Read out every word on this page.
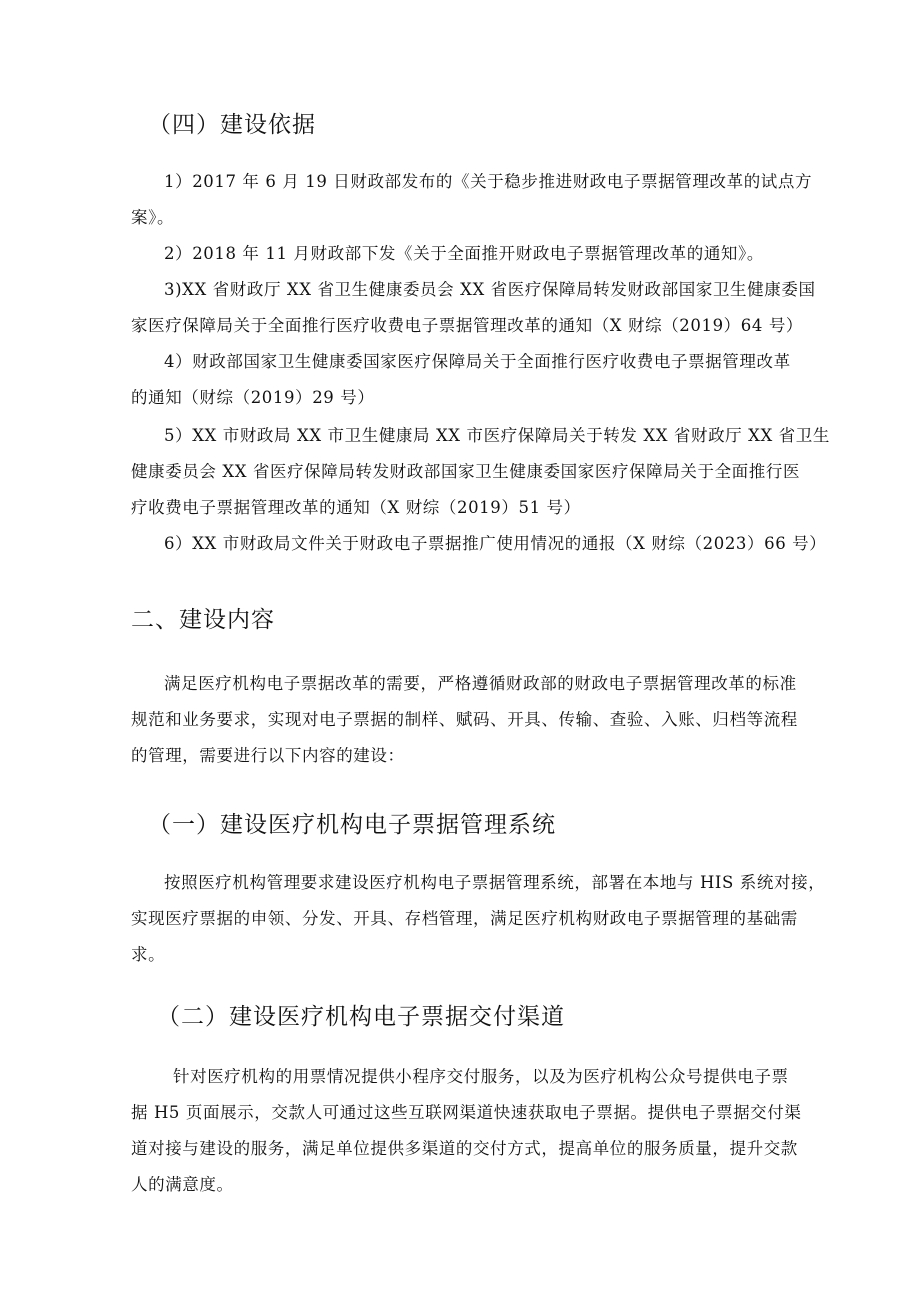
（四）建设依据
1）2017 年 6 月 19 日财政部发布的《关于稳步推进财政电子票据管理改革的试点方
案》。
2）2018 年 11 月财政部下发《关于全面推开财政电子票据管理改革的通知》。
3)XX 省财政厅 XX 省卫生健康委员会 XX 省医疗保障局转发财政部国家卫生健康委国
家医疗保障局关于全面推行医疗收费电子票据管理改革的通知（X 财综（2019）64 号）
4）财政部国家卫生健康委国家医疗保障局关于全面推行医疗收费电子票据管理改革
的通知（财综（2019）29 号）
5）XX 市财政局 XX 市卫生健康局 XX 市医疗保障局关于转发 XX 省财政厅 XX 省卫生
健康委员会 XX 省医疗保障局转发财政部国家卫生健康委国家医疗保障局关于全面推行医
疗收费电子票据管理改革的通知（X 财综（2019）51 号）
6）XX 市财政局文件关于财政电子票据推广使用情况的通报（X 财综（2023）66 号）
二、建设内容
满足医疗机构电子票据改革的需要，严格遵循财政部的财政电子票据管理改革的标准
规范和业务要求，实现对电子票据的制样、赋码、开具、传输、查验、入账、归档等流程
的管理，需要进行以下内容的建设：
（一）建设医疗机构电子票据管理系统
按照医疗机构管理要求建设医疗机构电子票据管理系统，部署在本地与 HIS 系统对接，
实现医疗票据的申领、分发、开具、存档管理，满足医疗机构财政电子票据管理的基础需
求。
（二）建设医疗机构电子票据交付渠道
针对医疗机构的用票情况提供小程序交付服务，以及为医疗机构公众号提供电子票
据 H5 页面展示，交款人可通过这些互联网渠道快速获取电子票据。提供电子票据交付渠
道对接与建设的服务，满足单位提供多渠道的交付方式，提高单位的服务质量，提升交款
人的满意度。
